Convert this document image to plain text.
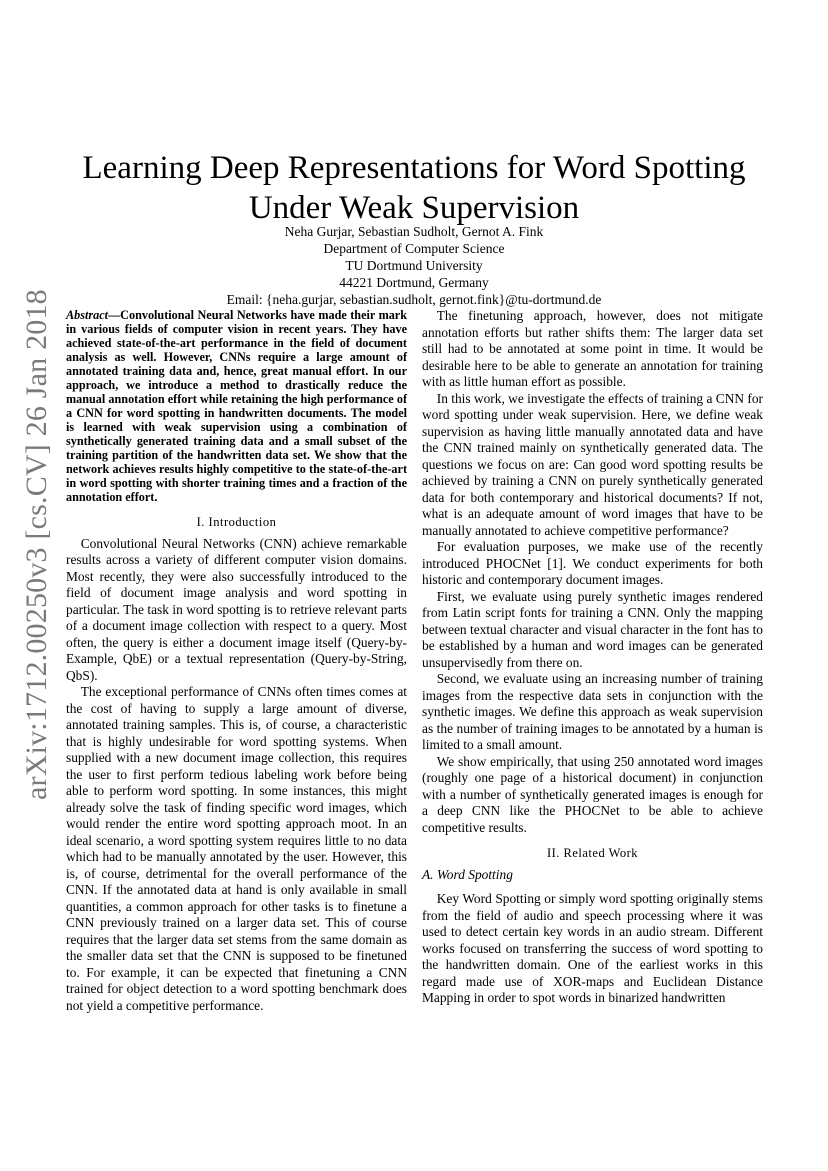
arXiv:1712.00250v3 [cs.CV] 26 Jan 2018
Learning Deep Representations for Word Spotting Under Weak Supervision
Neha Gurjar, Sebastian Sudholt, Gernot A. Fink
Department of Computer Science
TU Dortmund University
44221 Dortmund, Germany
Email: {neha.gurjar, sebastian.sudholt, gernot.fink}@tu-dortmund.de

Abstract—Convolutional Neural Networks have made their mark in various fields of computer vision in recent years. They have achieved state-of-the-art performance in the field of document analysis as well. However, CNNs require a large amount of annotated training data and, hence, great manual effort. In our approach, we introduce a method to drastically reduce the manual annotation effort while retaining the high performance of a CNN for word spotting in handwritten documents. The model is learned with weak supervision using a combination of synthetically generated training data and a small subset of the training partition of the handwritten data set. We show that the network achieves results highly competitive to the state-of-the-art in word spotting with shorter training times and a fraction of the annotation effort.

I. Introduction

Convolutional Neural Networks (CNN) achieve remarkable results across a variety of different computer vision domains. Most recently, they were also successfully introduced to the field of document image analysis and word spotting in particular. The task in word spotting is to retrieve relevant parts of a document image collection with respect to a query. Most often, the query is either a document image itself (Query-by-Example, QbE) or a textual representation (Query-by-String, QbS).

The exceptional performance of CNNs often times comes at the cost of having to supply a large amount of diverse, annotated training samples. This is, of course, a characteristic that is highly undesirable for word spotting systems. When supplied with a new document image collection, this requires the user to first perform tedious labeling work before being able to perform word spotting. In some instances, this might already solve the task of finding specific word images, which would render the entire word spotting approach moot. In an ideal scenario, a word spotting system requires little to no data which had to be manually annotated by the user. However, this is, of course, detrimental for the overall performance of the CNN. If the annotated data at hand is only available in small quantities, a common approach for other tasks is to finetune a CNN previously trained on a larger data set. This of course requires that the larger data set stems from the same domain as the smaller data set that the CNN is supposed to be finetuned to. For example, it can be expected that finetuning a CNN trained for object detection to a word spotting benchmark does not yield a competitive performance.

The finetuning approach, however, does not mitigate annotation efforts but rather shifts them: The larger data set still had to be annotated at some point in time. It would be desirable here to be able to generate an annotation for training with as little human effort as possible.

In this work, we investigate the effects of training a CNN for word spotting under weak supervision. Here, we define weak supervision as having little manually annotated data and have the CNN trained mainly on synthetically generated data. The questions we focus on are: Can good word spotting results be achieved by training a CNN on purely synthetically generated data for both contemporary and historical documents? If not, what is an adequate amount of word images that have to be manually annotated to achieve competitive performance?

For evaluation purposes, we make use of the recently introduced PHOCNet [1]. We conduct experiments for both historic and contemporary document images.

First, we evaluate using purely synthetic images rendered from Latin script fonts for training a CNN. Only the mapping between textual character and visual character in the font has to be established by a human and word images can be generated unsupervisedly from there on.

Second, we evaluate using an increasing number of training images from the respective data sets in conjunction with the synthetic images. We define this approach as weak supervision as the number of training images to be annotated by a human is limited to a small amount.

We show empirically, that using 250 annotated word images (roughly one page of a historical document) in conjunction with a number of synthetically generated images is enough for a deep CNN like the PHOCNet to be able to achieve competitive results.

II. Related Work
A. Word Spotting

Key Word Spotting or simply word spotting originally stems from the field of audio and speech processing where it was used to detect certain key words in an audio stream. Different works focused on transferring the success of word spotting to the handwritten domain. One of the earliest works in this regard made use of XOR-maps and Euclidean Distance Mapping in order to spot words in binarized handwritten
